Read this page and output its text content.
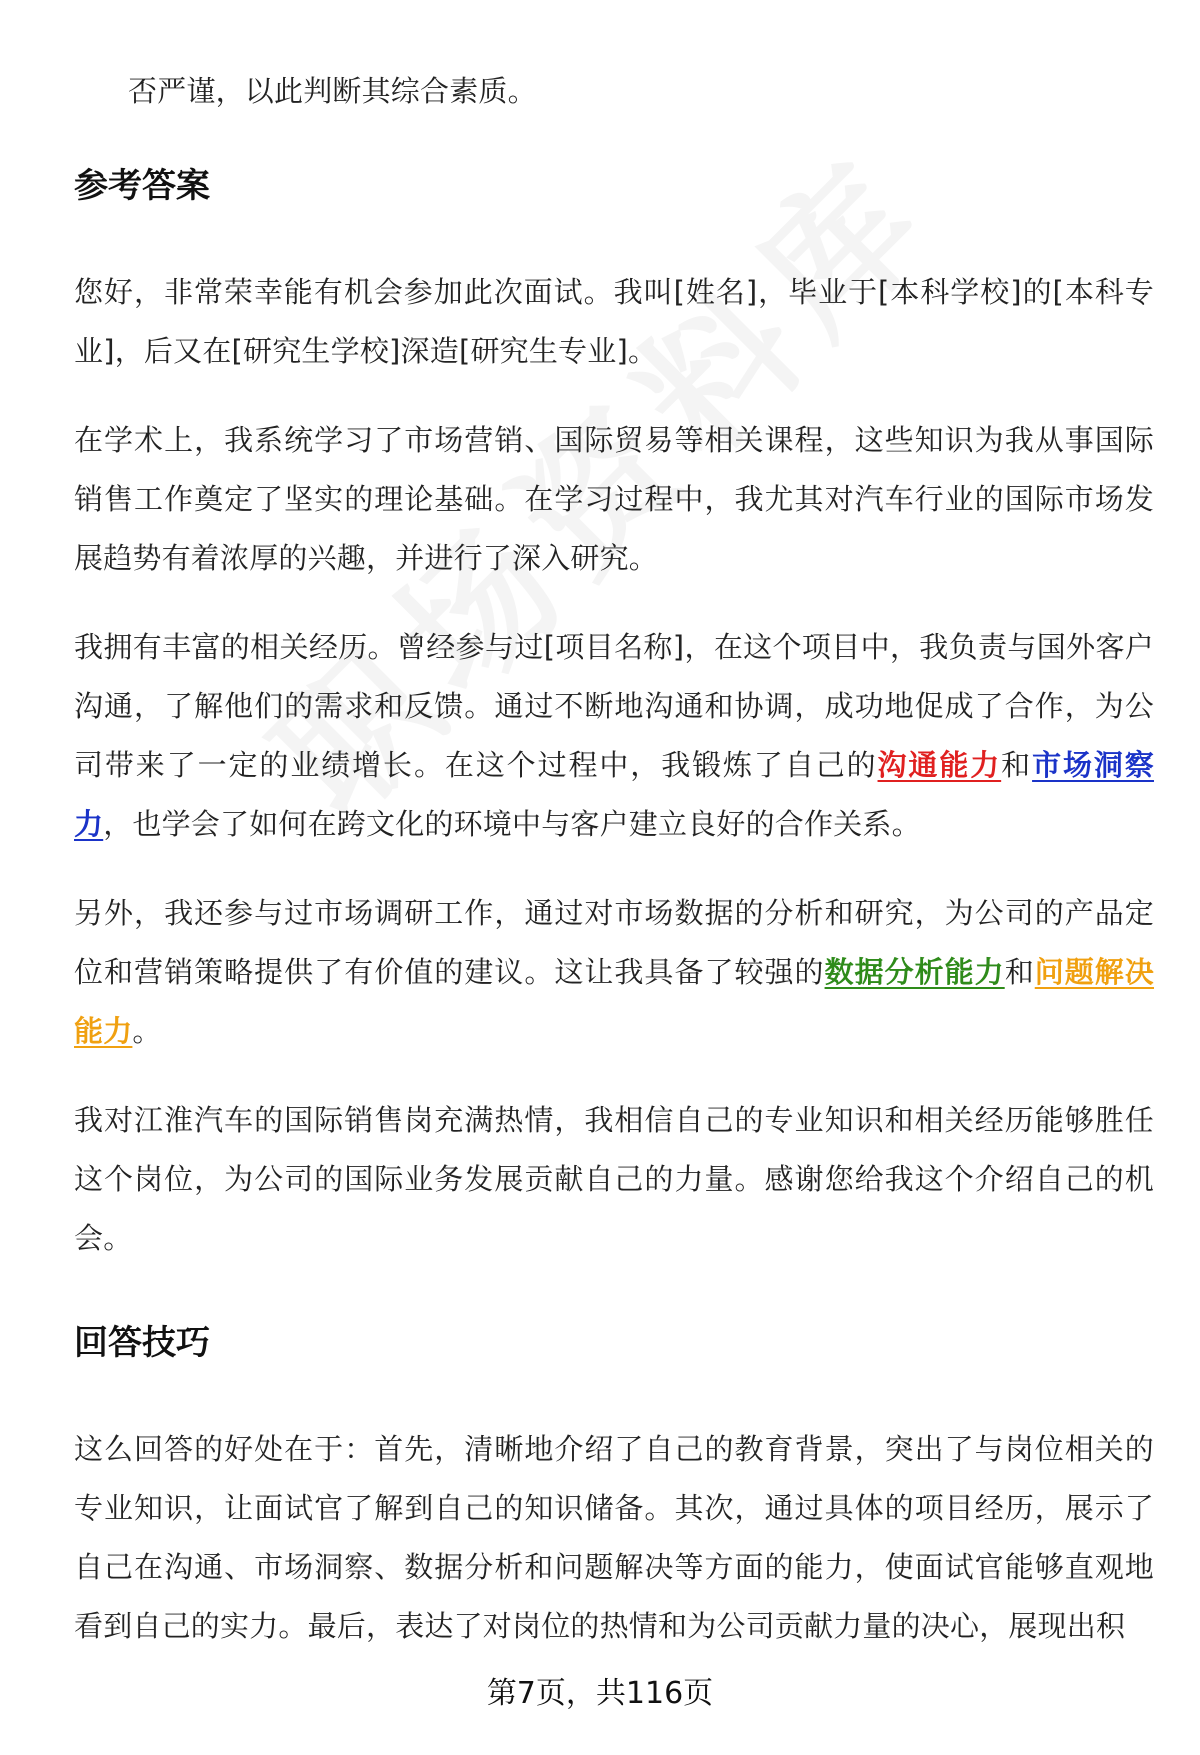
否严谨，以此判断其综合素质。

参考答案

您好，非常荣幸能有机会参加此次面试。我叫[姓名]，毕业于[本科学校]的[本科专业]，后又在[研究生学校]深造[研究生专业]。

在学术上，我系统学习了市场营销、国际贸易等相关课程，这些知识为我从事国际销售工作奠定了坚实的理论基础。在学习过程中，我尤其对汽车行业的国际市场发展趋势有着浓厚的兴趣，并进行了深入研究。

我拥有丰富的相关经历。曾经参与过[项目名称]，在这个项目中，我负责与国外客户沟通，了解他们的需求和反馈。通过不断地沟通和协调，成功地促成了合作，为公司带来了一定的业绩增长。在这个过程中，我锻炼了自己的沟通能力和市场洞察力，也学会了如何在跨文化的环境中与客户建立良好的合作关系。

另外，我还参与过市场调研工作，通过对市场数据的分析和研究，为公司的产品定位和营销策略提供了有价值的建议。这让我具备了较强的数据分析能力和问题解决能力。

我对江淮汽车的国际销售岗充满热情，我相信自己的专业知识和相关经历能够胜任这个岗位，为公司的国际业务发展贡献自己的力量。感谢您给我这个介绍自己的机会。

回答技巧

这么回答的好处在于：首先，清晰地介绍了自己的教育背景，突出了与岗位相关的专业知识，让面试官了解到自己的知识储备。其次，通过具体的项目经历，展示了自己在沟通、市场洞察、数据分析和问题解决等方面的能力，使面试官能够直观地看到自己的实力。最后，表达了对岗位的热情和为公司贡献力量的决心，展现出积

第7页，共116页
